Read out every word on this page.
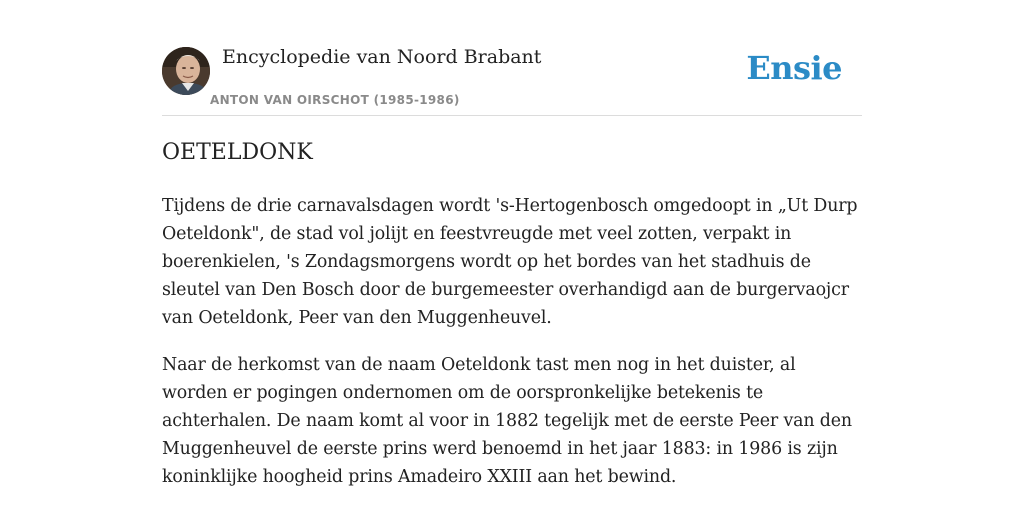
Encyclopedie van Noord Brabant
ANTON VAN OIRSCHOT (1985-1986)
Ensie
OETELDONK

Tijdens de drie carnavalsdagen wordt 's-Hertogenbosch omgedoopt in „Ut Durp Oeteldonk", de stad vol jolijt en feestvreugde met veel zotten, verpakt in boerenkielen, 's Zondagsmorgens wordt op het bordes van het stadhuis de sleutel van Den Bosch door de burgemeester overhandigd aan de burgervaojcr van Oeteldonk, Peer van den Muggenheuvel.

Naar de herkomst van de naam Oeteldonk tast men nog in het duister, al worden er pogingen ondernomen om de oorspronkelijke betekenis te achterhalen. De naam komt al voor in 1882 tegelijk met de eerste Peer van den Muggenheuvel de eerste prins werd benoemd in het jaar 1883: in 1986 is zijn koninklijke hoogheid prins Amadeiro XXIII aan het bewind.
